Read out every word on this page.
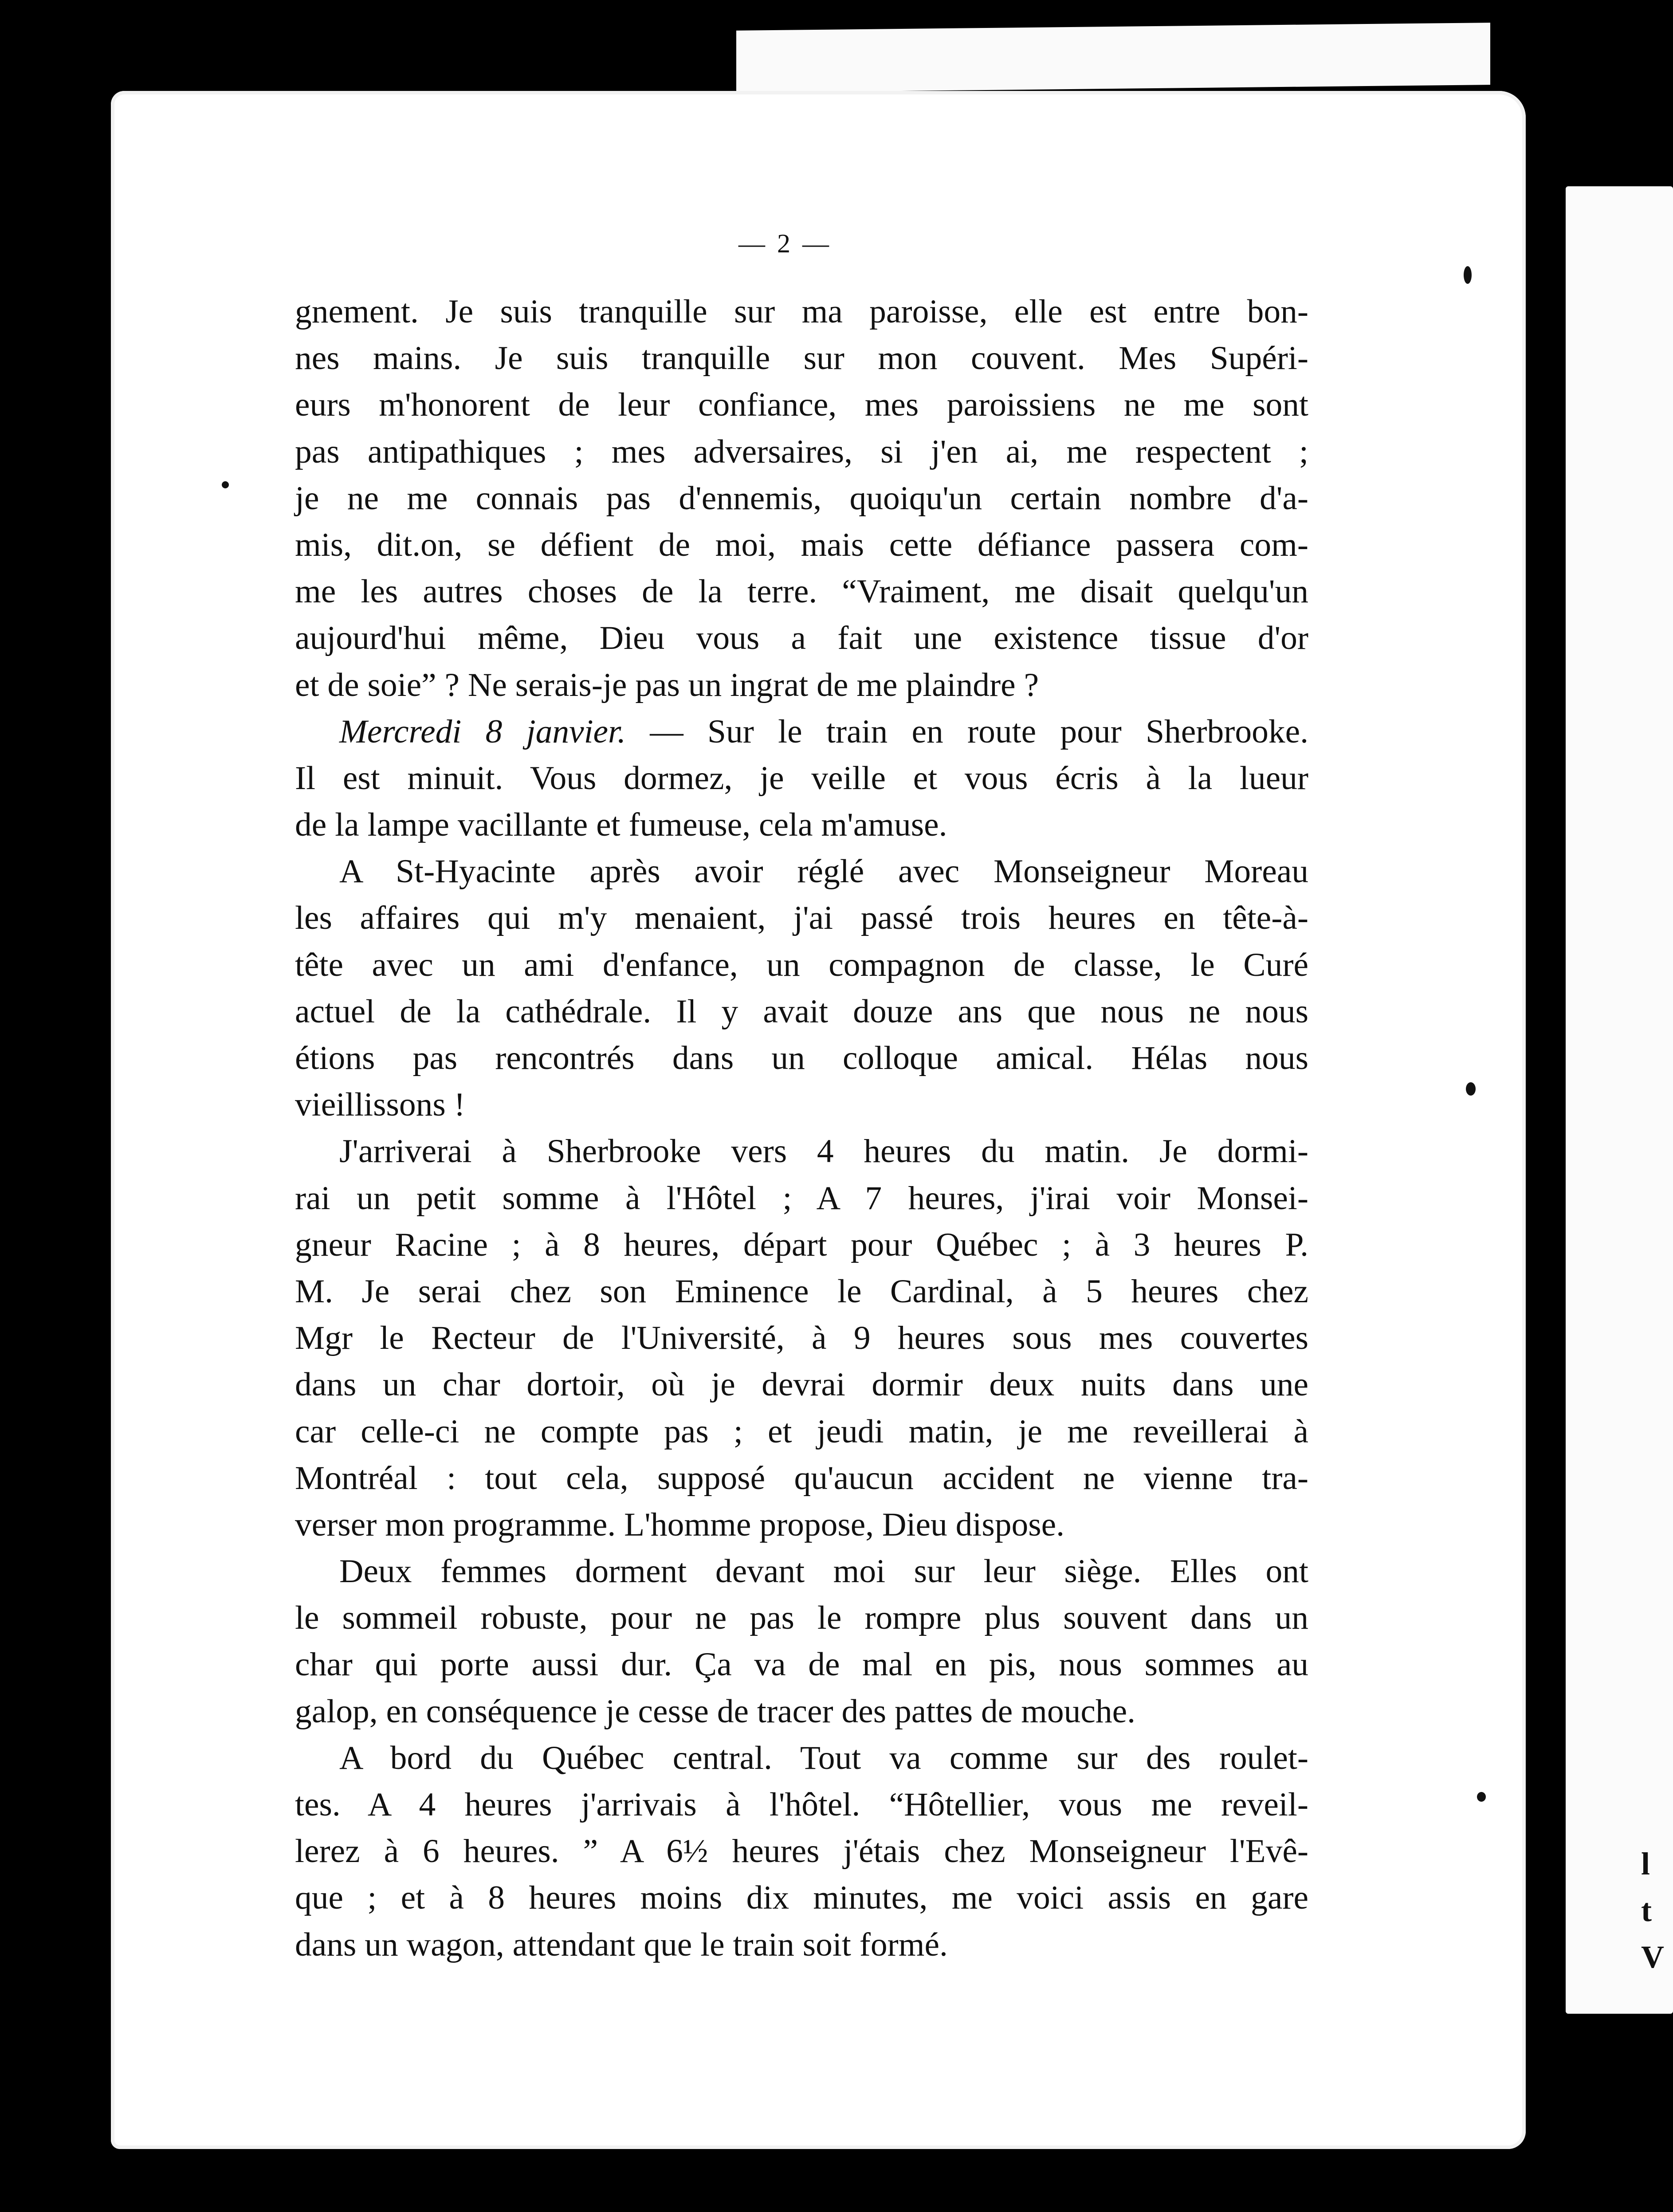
l
t
V
— 2 —
gnement. Je suis tranquille sur ma paroisse, elle est entre bon-
nes mains. Je suis tranquille sur mon couvent. Mes Supéri-
eurs m'honorent de leur confiance, mes paroissiens ne me sont
pas antipathiques ; mes adversaires, si j'en ai, me respectent ;
je ne me connais pas d'ennemis, quoiqu'un certain nombre d'a-
mis, dit.on, se défient de moi, mais cette défiance passera com-
me les autres choses de la terre. “Vraiment, me disait quelqu'un
aujourd'hui même, Dieu vous a fait une existence tissue d'or
et de soie” ? Ne serais-je pas un ingrat de me plaindre ?
Mercredi 8 janvier. — Sur le train en route pour Sherbrooke.
Il est minuit. Vous dormez, je veille et vous écris à la lueur
de la lampe vacillante et fumeuse, cela m'amuse.
A St-Hyacinte après avoir réglé avec Monseigneur Moreau
les affaires qui m'y menaient, j'ai passé trois heures en tête-à-
tête avec un ami d'enfance, un compagnon de classe, le Curé
actuel de la cathédrale. Il y avait douze ans que nous ne nous
étions pas rencontrés dans un colloque amical. Hélas nous
vieillissons !
J'arriverai à Sherbrooke vers 4 heures du matin. Je dormi-
rai un petit somme à l'Hôtel ; A 7 heures, j'irai voir Monsei-
gneur Racine ; à 8 heures, départ pour Québec ; à 3 heures P.
M. Je serai chez son Eminence le Cardinal, à 5 heures chez
Mgr le Recteur de l'Université, à 9 heures sous mes couvertes
dans un char dortoir, où je devrai dormir deux nuits dans une
car celle-ci ne compte pas ; et jeudi matin, je me reveillerai à
Montréal : tout cela, supposé qu'aucun accident ne vienne tra-
verser mon programme. L'homme propose, Dieu dispose.
Deux femmes dorment devant moi sur leur siège. Elles ont
le sommeil robuste, pour ne pas le rompre plus souvent dans un
char qui porte aussi dur. Ça va de mal en pis, nous sommes au
galop, en conséquence je cesse de tracer des pattes de mouche.
A bord du Québec central. Tout va comme sur des roulet-
tes. A 4 heures j'arrivais à l'hôtel. “Hôtellier, vous me reveil-
lerez à 6 heures. ” A 6½ heures j'étais chez Monseigneur l'Evê-
que ; et à 8 heures moins dix minutes, me voici assis en gare
dans un wagon, attendant que le train soit formé.
